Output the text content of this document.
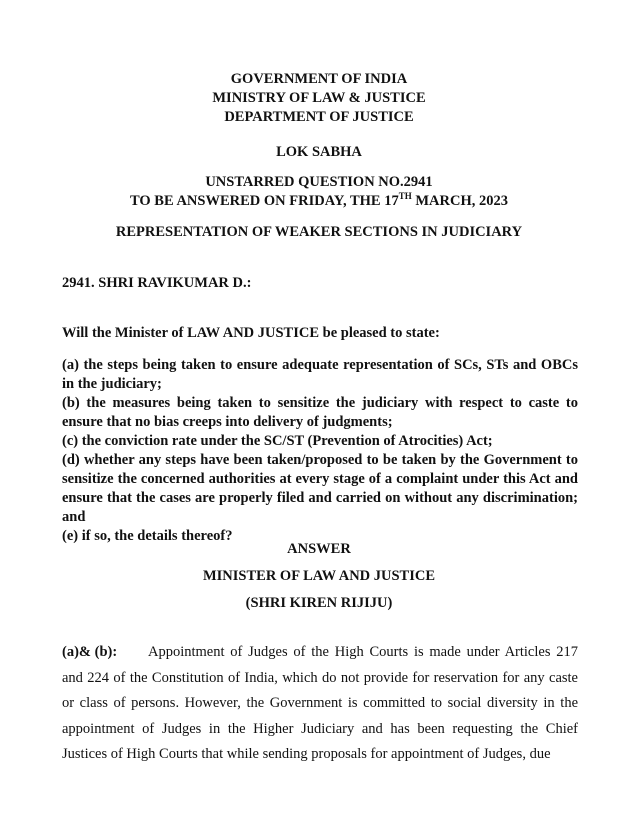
GOVERNMENT OF INDIA
MINISTRY OF LAW & JUSTICE
DEPARTMENT OF JUSTICE
LOK SABHA
UNSTARRED QUESTION NO.2941
TO BE ANSWERED ON FRIDAY, THE 17TH MARCH, 2023
REPRESENTATION OF WEAKER SECTIONS IN JUDICIARY
2941. SHRI RAVIKUMAR D.:
Will the Minister of LAW AND JUSTICE be pleased to state:
(a) the steps being taken to ensure adequate representation of SCs, STs and OBCs in the judiciary;
(b) the measures being taken to sensitize the judiciary with respect to caste to ensure that no bias creeps into delivery of judgments;
(c) the conviction rate under the SC/ST (Prevention of Atrocities) Act;
(d) whether any steps have been taken/proposed to be taken by the Government to sensitize the concerned authorities at every stage of a complaint under this Act and ensure that the cases are properly filed and carried on without any discrimination; and
(e) if so, the details thereof?
ANSWER
MINISTER OF LAW AND JUSTICE
(SHRI KIREN RIJIJU)
(a)& (b): Appointment of Judges of the High Courts is made under Articles 217 and 224 of the Constitution of India, which do not provide for reservation for any caste or class of persons. However, the Government is committed to social diversity in the appointment of Judges in the Higher Judiciary and has been requesting the Chief Justices of High Courts that while sending proposals for appointment of Judges, due
